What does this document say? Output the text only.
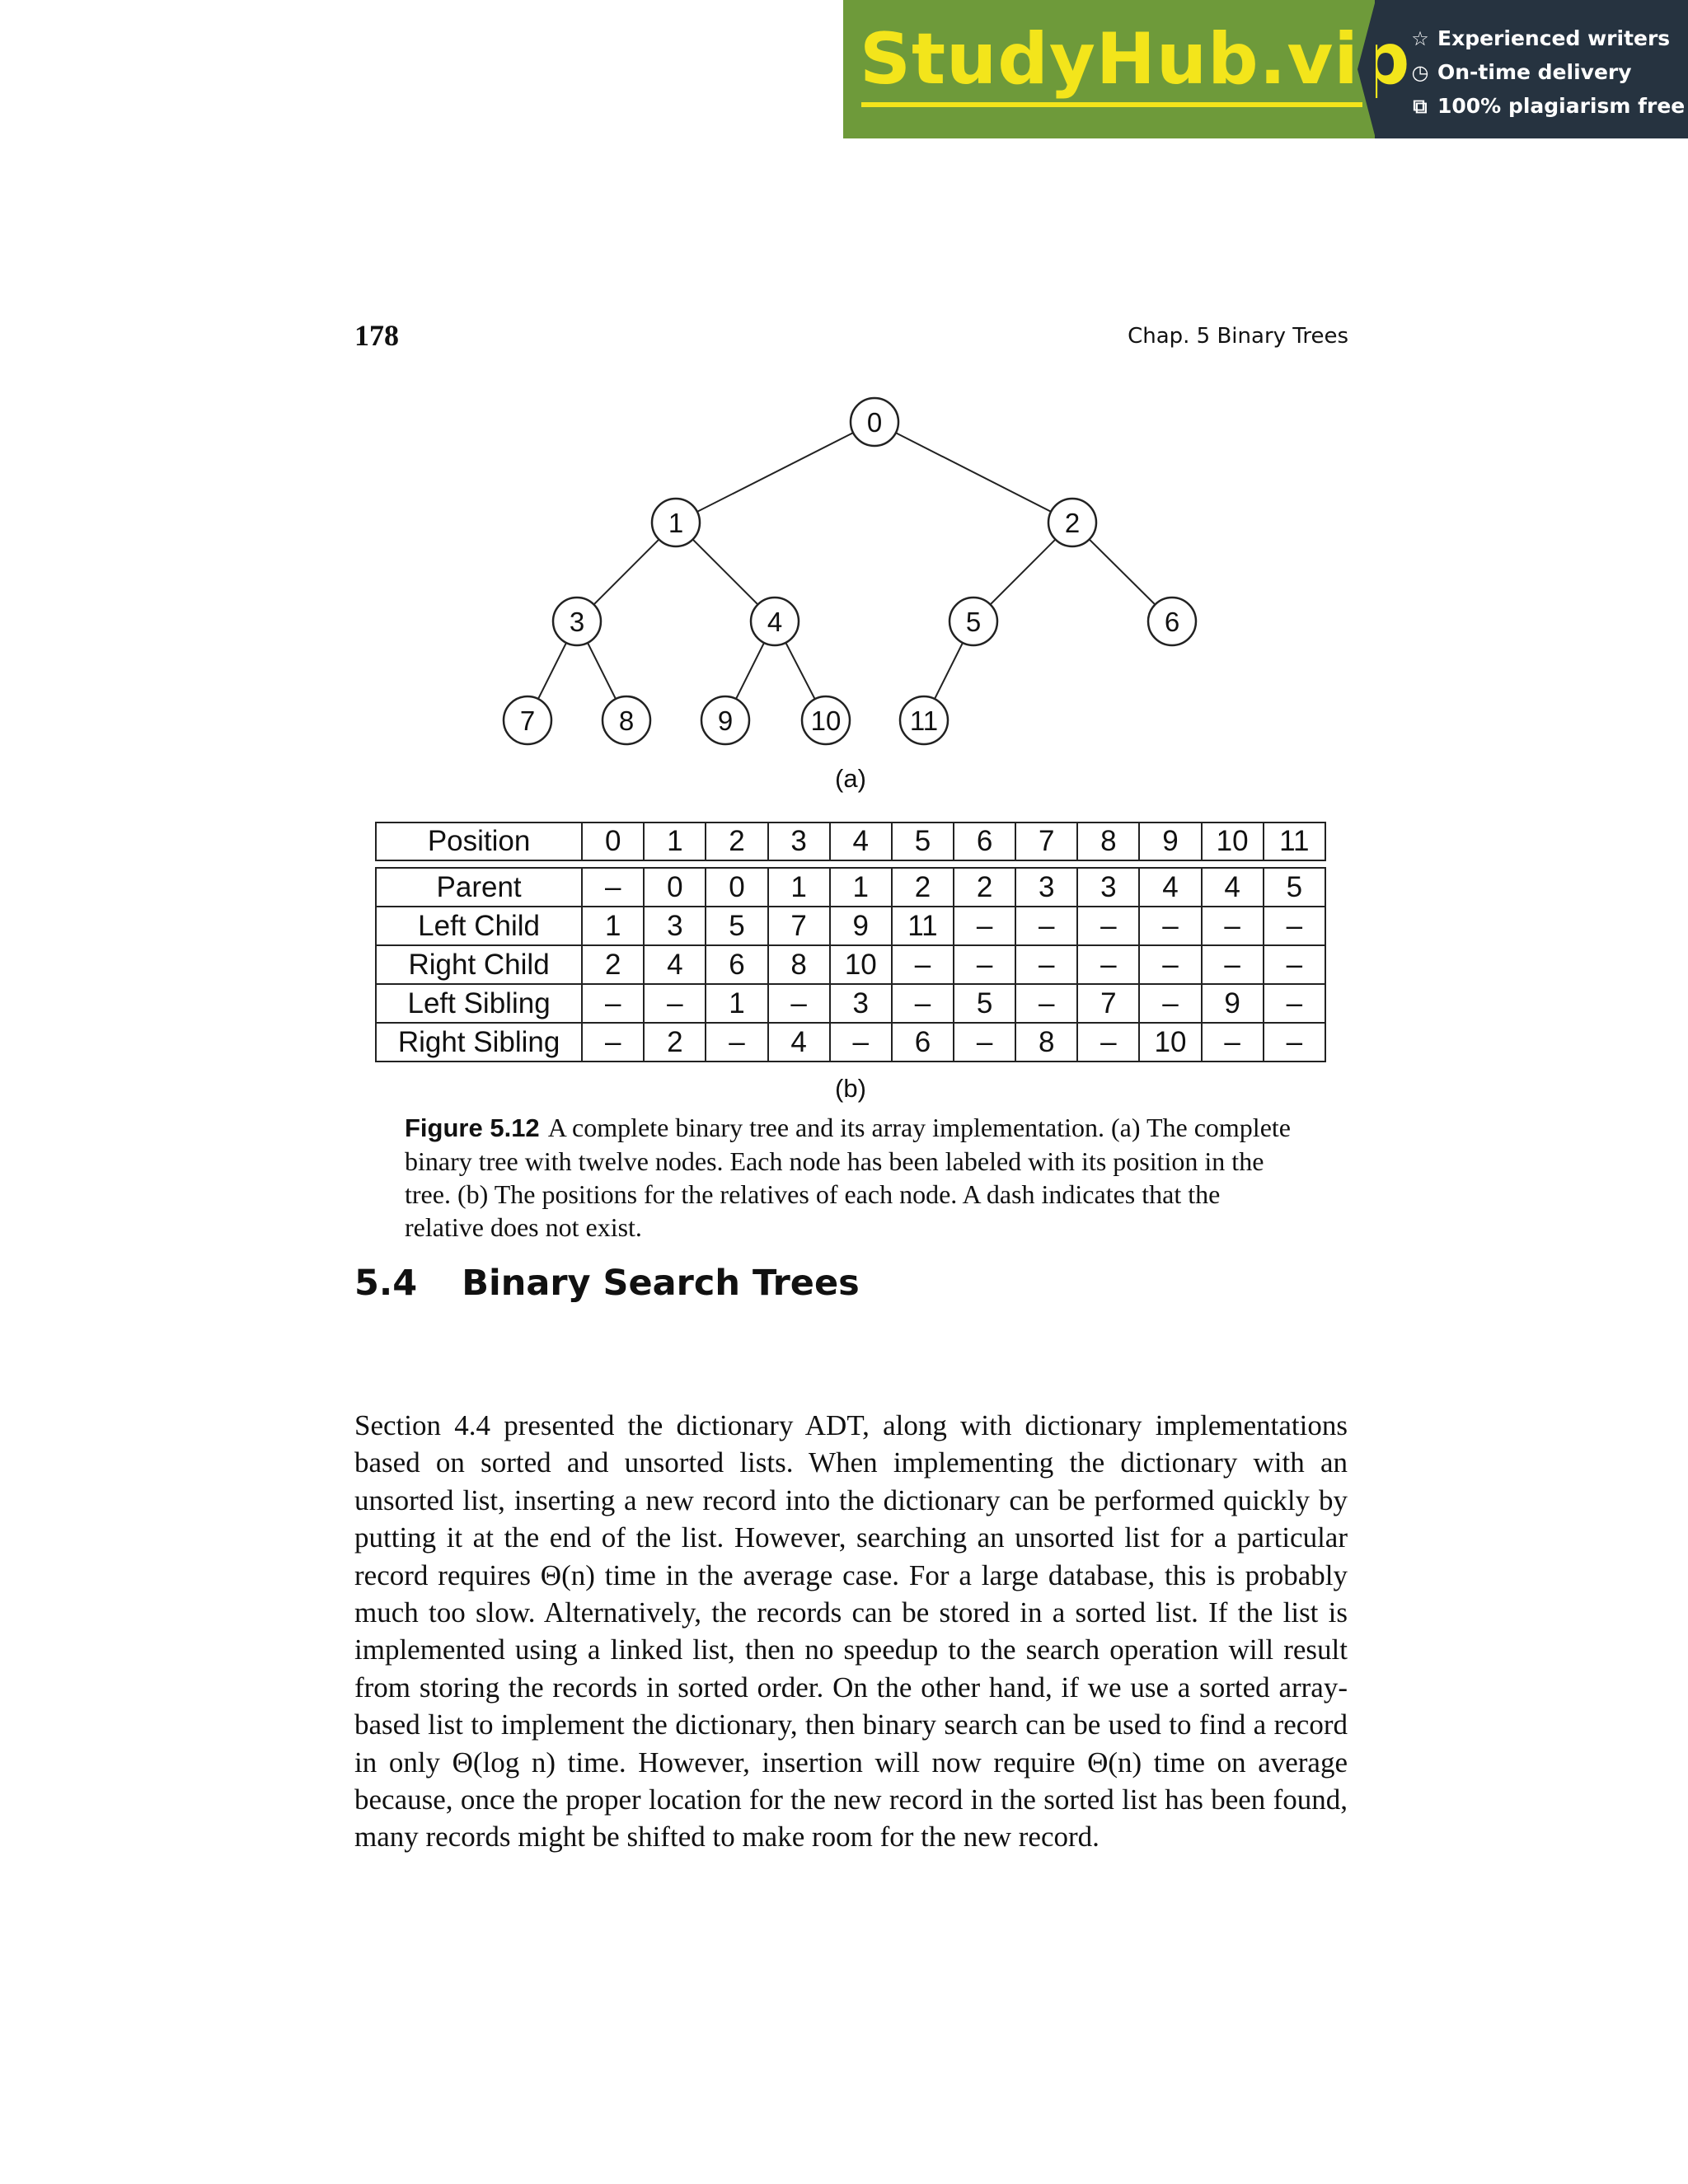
StudyHub.vip ☆ Experienced writers
◷ On-time delivery
⧉ 100% plagiarism free
178	Chap. 5 Binary Trees
0
1	2
3	4	5	6
7	8	9	10	11
(a)
Position	0	1	2	3	4	5	6	7	8	9	10	11
Parent	–	0	0	1	1	2	2	3	3	4	4	5
Left Child	1	3	5	7	9	11	–	–	–	–	–	–
Right Child	2	4	6	8	10	–	–	–	–	–	–	–
Left Sibling	–	–	1	–	3	–	5	–	7	–	9	–
Right Sibling	–	2	–	4	–	6	–	8	–	10	–	–
(b)
Figure 5.12 A complete binary tree and its array implementation. (a) The complete binary tree with twelve nodes. Each node has been labeled with its position in the tree. (b) The positions for the relatives of each node. A dash indicates that the relative does not exist.
5.4 Binary Search Trees
Section 4.4 presented the dictionary ADT, along with dictionary implementations based on sorted and unsorted lists. When implementing the dictionary with an unsorted list, inserting a new record into the dictionary can be performed quickly by putting it at the end of the list. However, searching an unsorted list for a particular record requires Θ(n) time in the average case. For a large database, this is probably much too slow. Alternatively, the records can be stored in a sorted list. If the list is implemented using a linked list, then no speedup to the search operation will result from storing the records in sorted order. On the other hand, if we use a sorted array-based list to implement the dictionary, then binary search can be used to find a record in only Θ(log n) time. However, insertion will now require Θ(n) time on average because, once the proper location for the new record in the sorted list has been found, many records might be shifted to make room for the new record.
